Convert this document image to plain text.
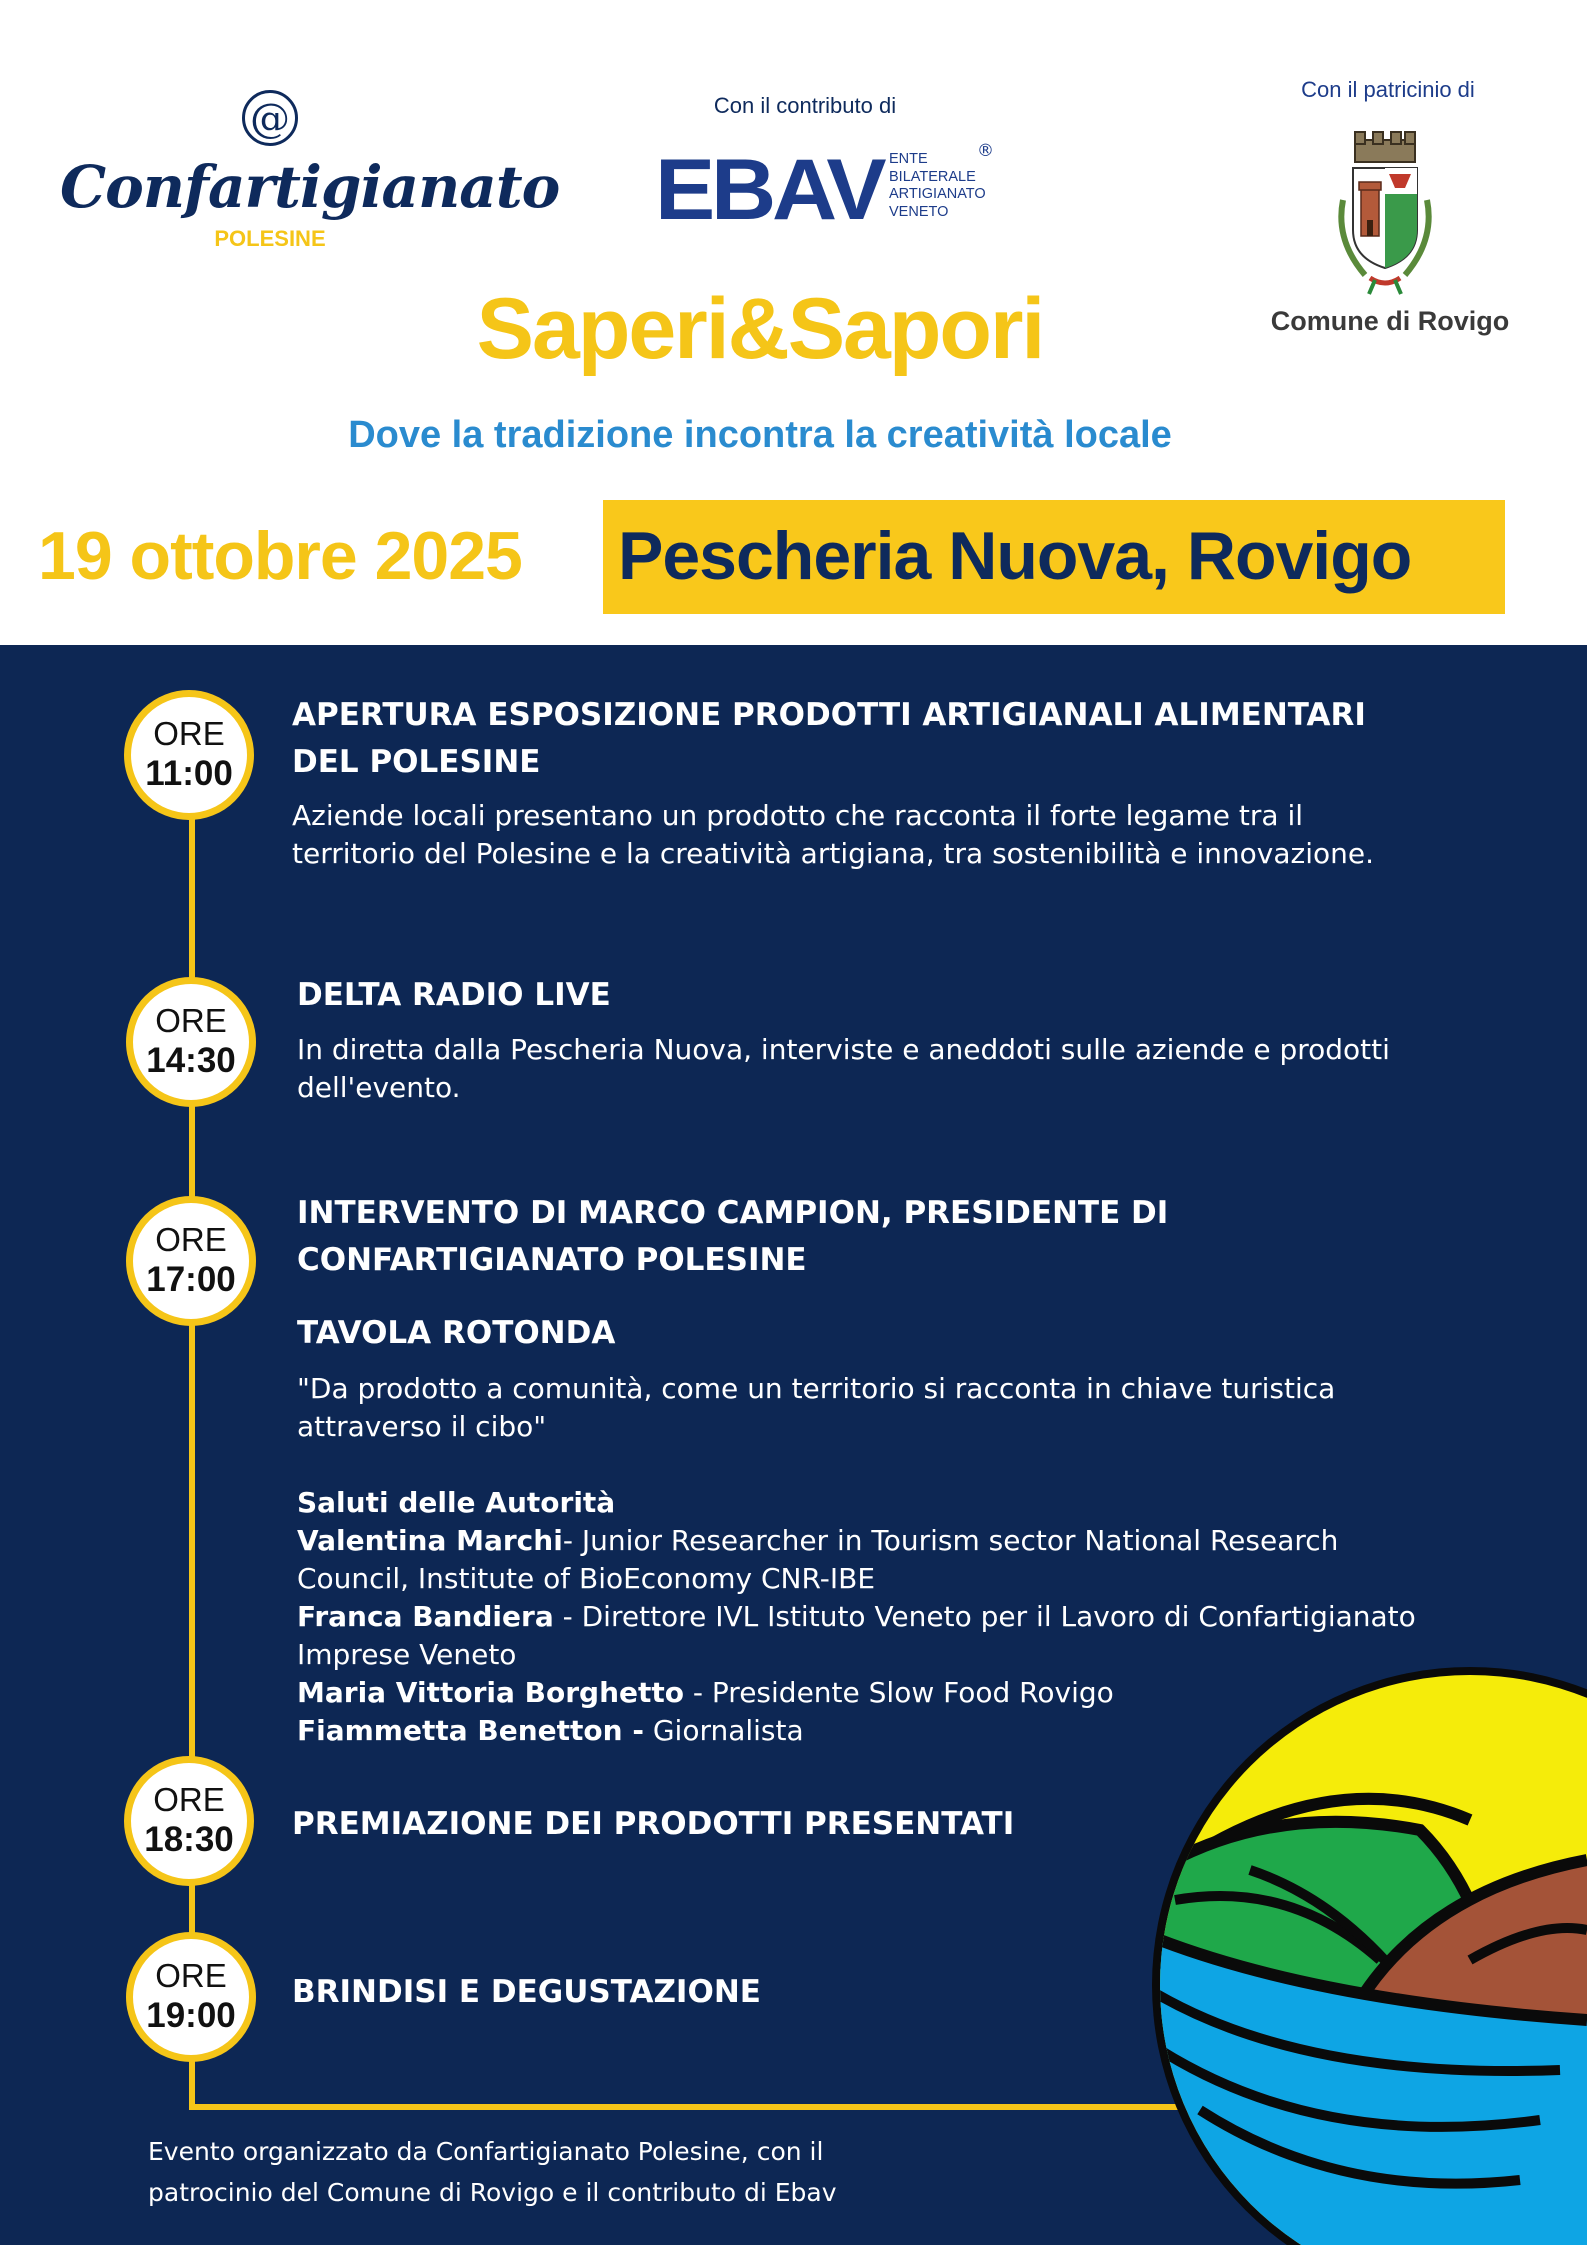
@
Confartigianato
POLESINE
Con il contributo di
EBAV ENTE
BILATERALE
ARTIGIANATO
VENETO
®
Con il patricinio di
Comune di Rovigo
Saperi&Sapori
Dove la tradizione incontra la creatività locale
19 ottobre 2025	Pescheria Nuova, Rovigo
ORE
11:00
APERTURA ESPOSIZIONE PRODOTTI ARTIGIANALI ALIMENTARI DEL POLESINE
Aziende locali presentano un prodotto che racconta il forte legame tra il territorio del Polesine e la creatività artigiana, tra sostenibilità e innovazione.
ORE
14:30
DELTA RADIO LIVE
In diretta dalla Pescheria Nuova, interviste e aneddoti sulle aziende e prodotti dell'evento.
ORE
17:00
INTERVENTO DI MARCO CAMPION, PRESIDENTE DI CONFARTIGIANATO POLESINE
TAVOLA ROTONDA
"Da prodotto a comunità, come un territorio si racconta in chiave turistica attraverso il cibo"
Saluti delle Autorità
Valentina Marchi- Junior Researcher in Tourism sector National Research Council, Institute of BioEconomy CNR-IBE
Franca Bandiera - Direttore IVL Istituto Veneto per il Lavoro di Confartigianato Imprese Veneto
Maria Vittoria Borghetto - Presidente Slow Food Rovigo
Fiammetta Benetton - Giornalista
ORE
18:30	PREMIAZIONE DEI PRODOTTI PRESENTATI
ORE
19:00
BRINDISI E DEGUSTAZIONE
Evento organizzato da Confartigianato Polesine, con il
patrocinio del Comune di Rovigo e il contributo di Ebav
